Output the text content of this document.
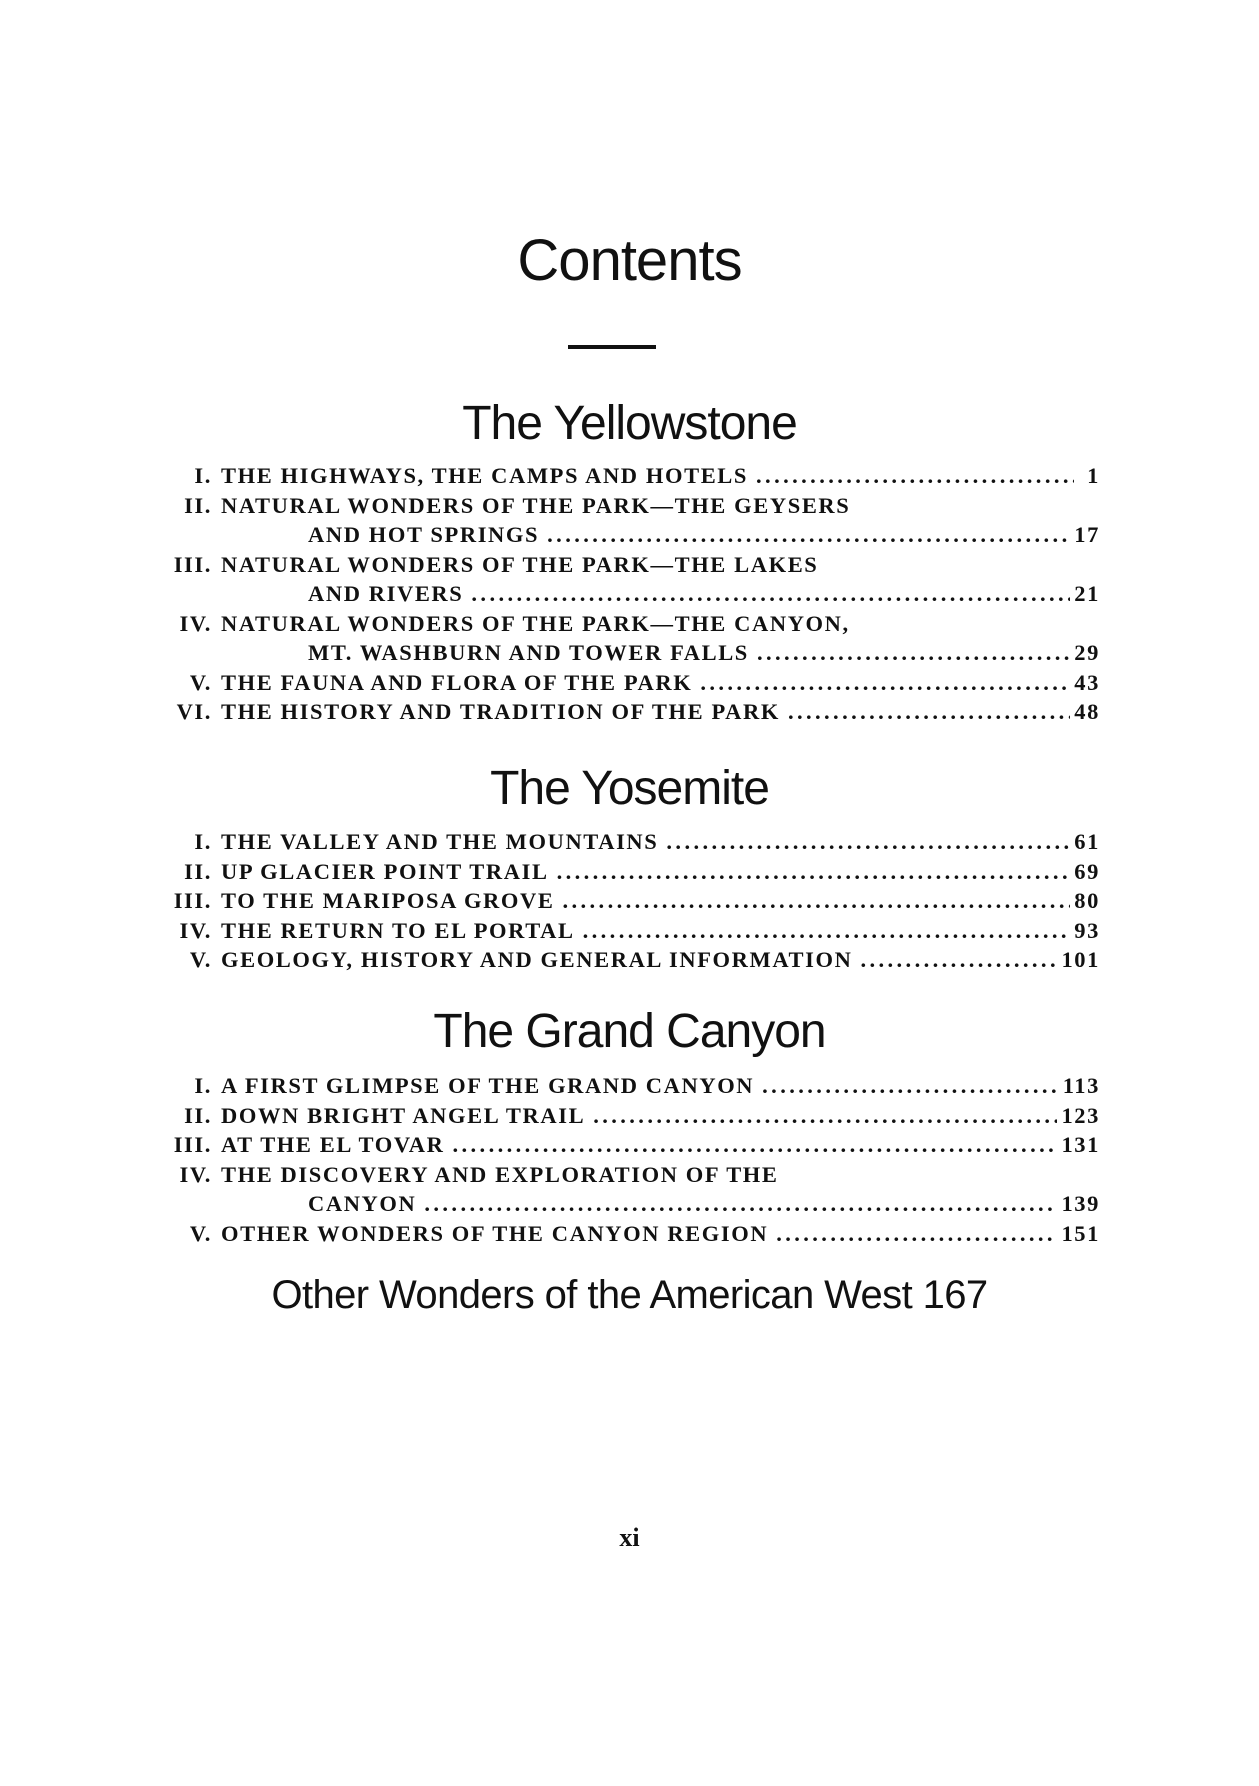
Contents
The Yellowstone
I. THE HIGHWAYS, THE CAMPS AND HOTELS .....	1
II. NATURAL WONDERS OF THE PARK—THE GEYSERS
AND HOT SPRINGS .....	17
III. NATURAL WONDERS OF THE PARK—THE LAKES
AND RIVERS .....	21
IV. NATURAL WONDERS OF THE PARK—THE CANYON,
MT. WASHBURN AND TOWER FALLS .....	29
V. THE FAUNA AND FLORA OF THE PARK .....	43
VI. THE HISTORY AND TRADITION OF THE PARK .....	48
The Yosemite
I. THE VALLEY AND THE MOUNTAINS .....	61
II. UP GLACIER POINT TRAIL .....	69
III. TO THE MARIPOSA GROVE .....	80
IV. THE RETURN TO EL PORTAL .....	93
V. GEOLOGY, HISTORY AND GENERAL INFORMATION .....	101
The Grand Canyon
I. A FIRST GLIMPSE OF THE GRAND CANYON .....	113
II. DOWN BRIGHT ANGEL TRAIL .....	123
III. AT THE EL TOVAR .....	131
IV. THE DISCOVERY AND EXPLORATION OF THE
CANYON .....	139
V. OTHER WONDERS OF THE CANYON REGION .....	151
Other Wonders of the American West 167
xi
